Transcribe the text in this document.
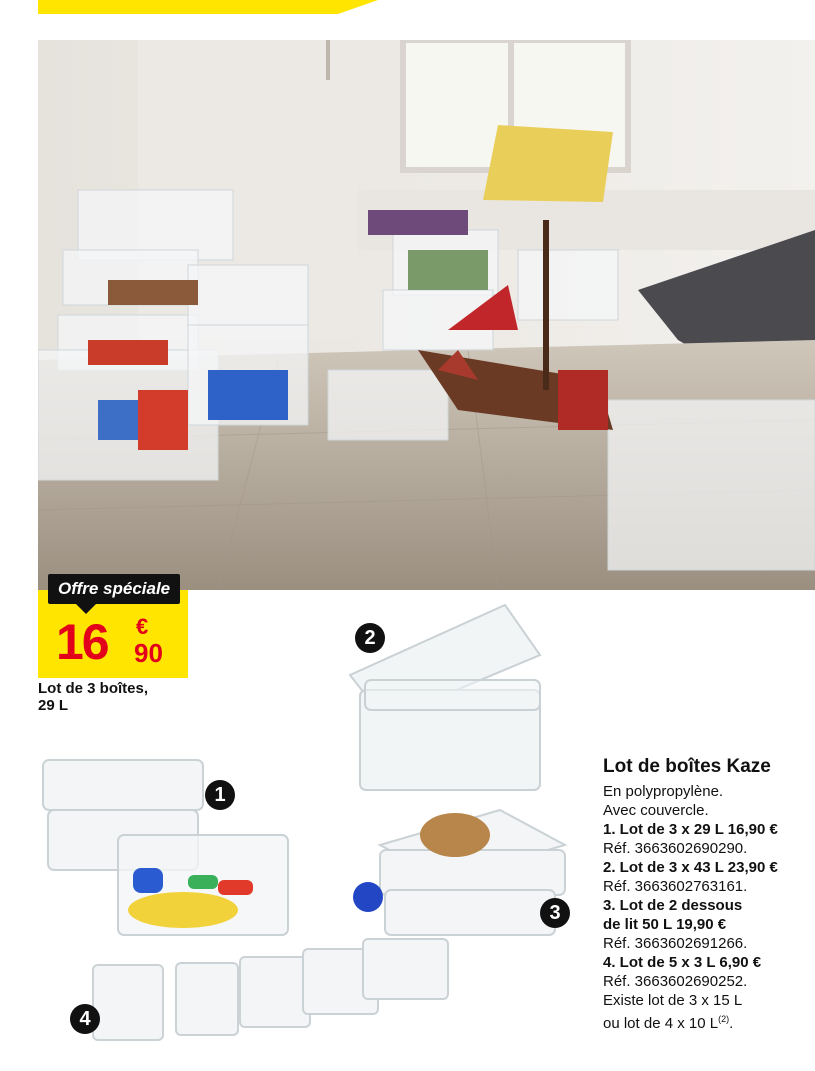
Offre spéciale
16 €
90
Lot de 3 boîtes,
29 L
2
1
3
4
Lot de boîtes Kaze

En polypropylène.

Avec couvercle.

1. Lot de 3 x 29 L 16,90 €

Réf. 3663602690290.

2. Lot de 3 x 43 L 23,90 €

Réf. 3663602763161.

3. Lot de 2 dessous

de lit 50 L 19,90 €

Réf. 3663602691266.

4. Lot de 5 x 3 L 6,90 €

Réf. 3663602690252.

Existe lot de 3 x 15 L

ou lot de 4 x 10 $L^{(2)}$.
